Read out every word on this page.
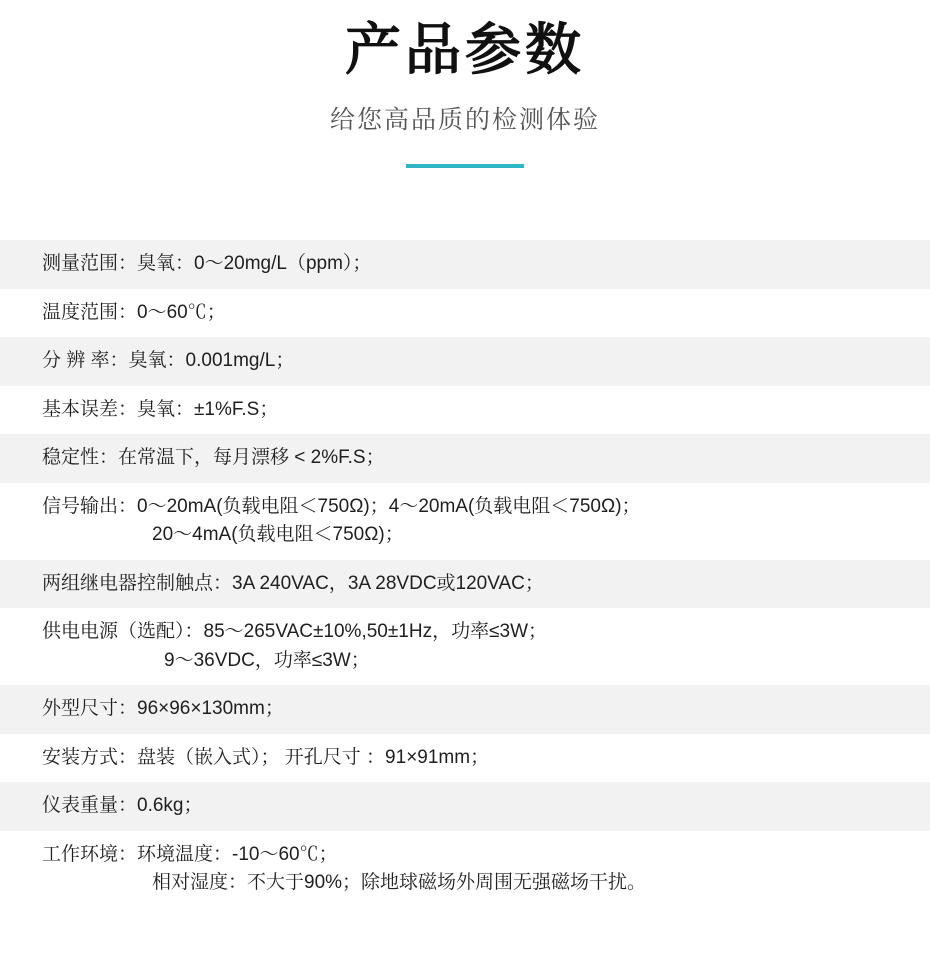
产品参数
给您高品质的检测体验
测量范围：臭氧：0～20mg/L（ppm）；
温度范围：0～60℃；
分 辨 率：臭氧：0.001mg/L；
基本误差：臭氧：±1%F.S；
稳定性：在常温下，每月漂移 < 2%F.S；
信号输出：0～20mA(负载电阻＜750Ω)；4～20mA(负载电阻＜750Ω)；
20～4mA(负载电阻＜750Ω)；
两组继电器控制触点：3A 240VAC，3A 28VDC或120VAC；
供电电源（选配）：85～265VAC±10%,50±1Hz，功率≤3W；
9～36VDC，功率≤3W；
外型尺寸：96×96×130mm；
安装方式：盘装（嵌入式）； 开孔尺寸 ：91×91mm；
仪表重量：0.6kg；
工作环境：环境温度：-10～60℃；
相对湿度：不大于90%；除地球磁场外周围无强磁场干扰。
